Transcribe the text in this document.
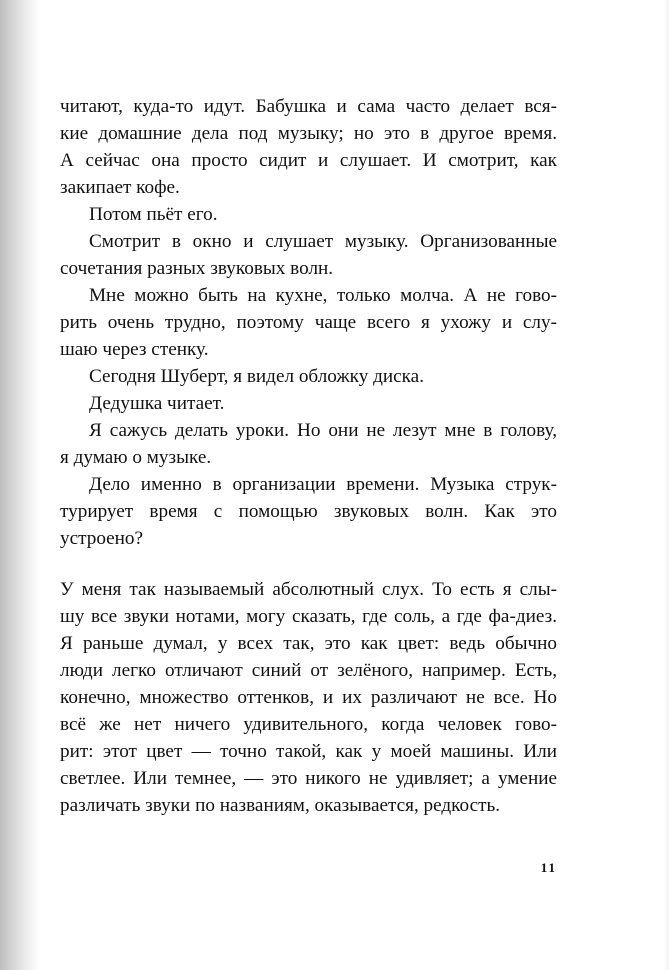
читают, куда-то идут. Бабушка и сама часто делает вся-
кие домашние дела под музыку; но это в другое время.
А сейчас она просто сидит и слушает. И смотрит, как
закипает кофе.
Потом пьёт его.
Смотрит в окно и слушает музыку. Организованные
сочетания разных звуковых волн.
Мне можно быть на кухне, только молча. А не гово-
рить очень трудно, поэтому чаще всего я ухожу и слу-
шаю через стенку.
Сегодня Шуберт, я видел обложку диска.
Дедушка читает.
Я сажусь делать уроки. Но они не лезут мне в голову,
я думаю о музыке.
Дело именно в организации времени. Музыка струк-
турирует время с помощью звуковых волн. Как это
устроено?
У меня так называемый абсолютный слух. То есть я слы-
шу все звуки нотами, могу сказать, где соль, а где фа-диез.
Я раньше думал, у всех так, это как цвет: ведь обычно
люди легко отличают синий от зелёного, например. Есть,
конечно, множество оттенков, и их различают не все. Но
всё же нет ничего удивительного, когда человек гово-
рит: этот цвет — точно такой, как у моей машины. Или
светлее. Или темнее, — это никого не удивляет; а умение
различать звуки по названиям, оказывается, редкость.
11
